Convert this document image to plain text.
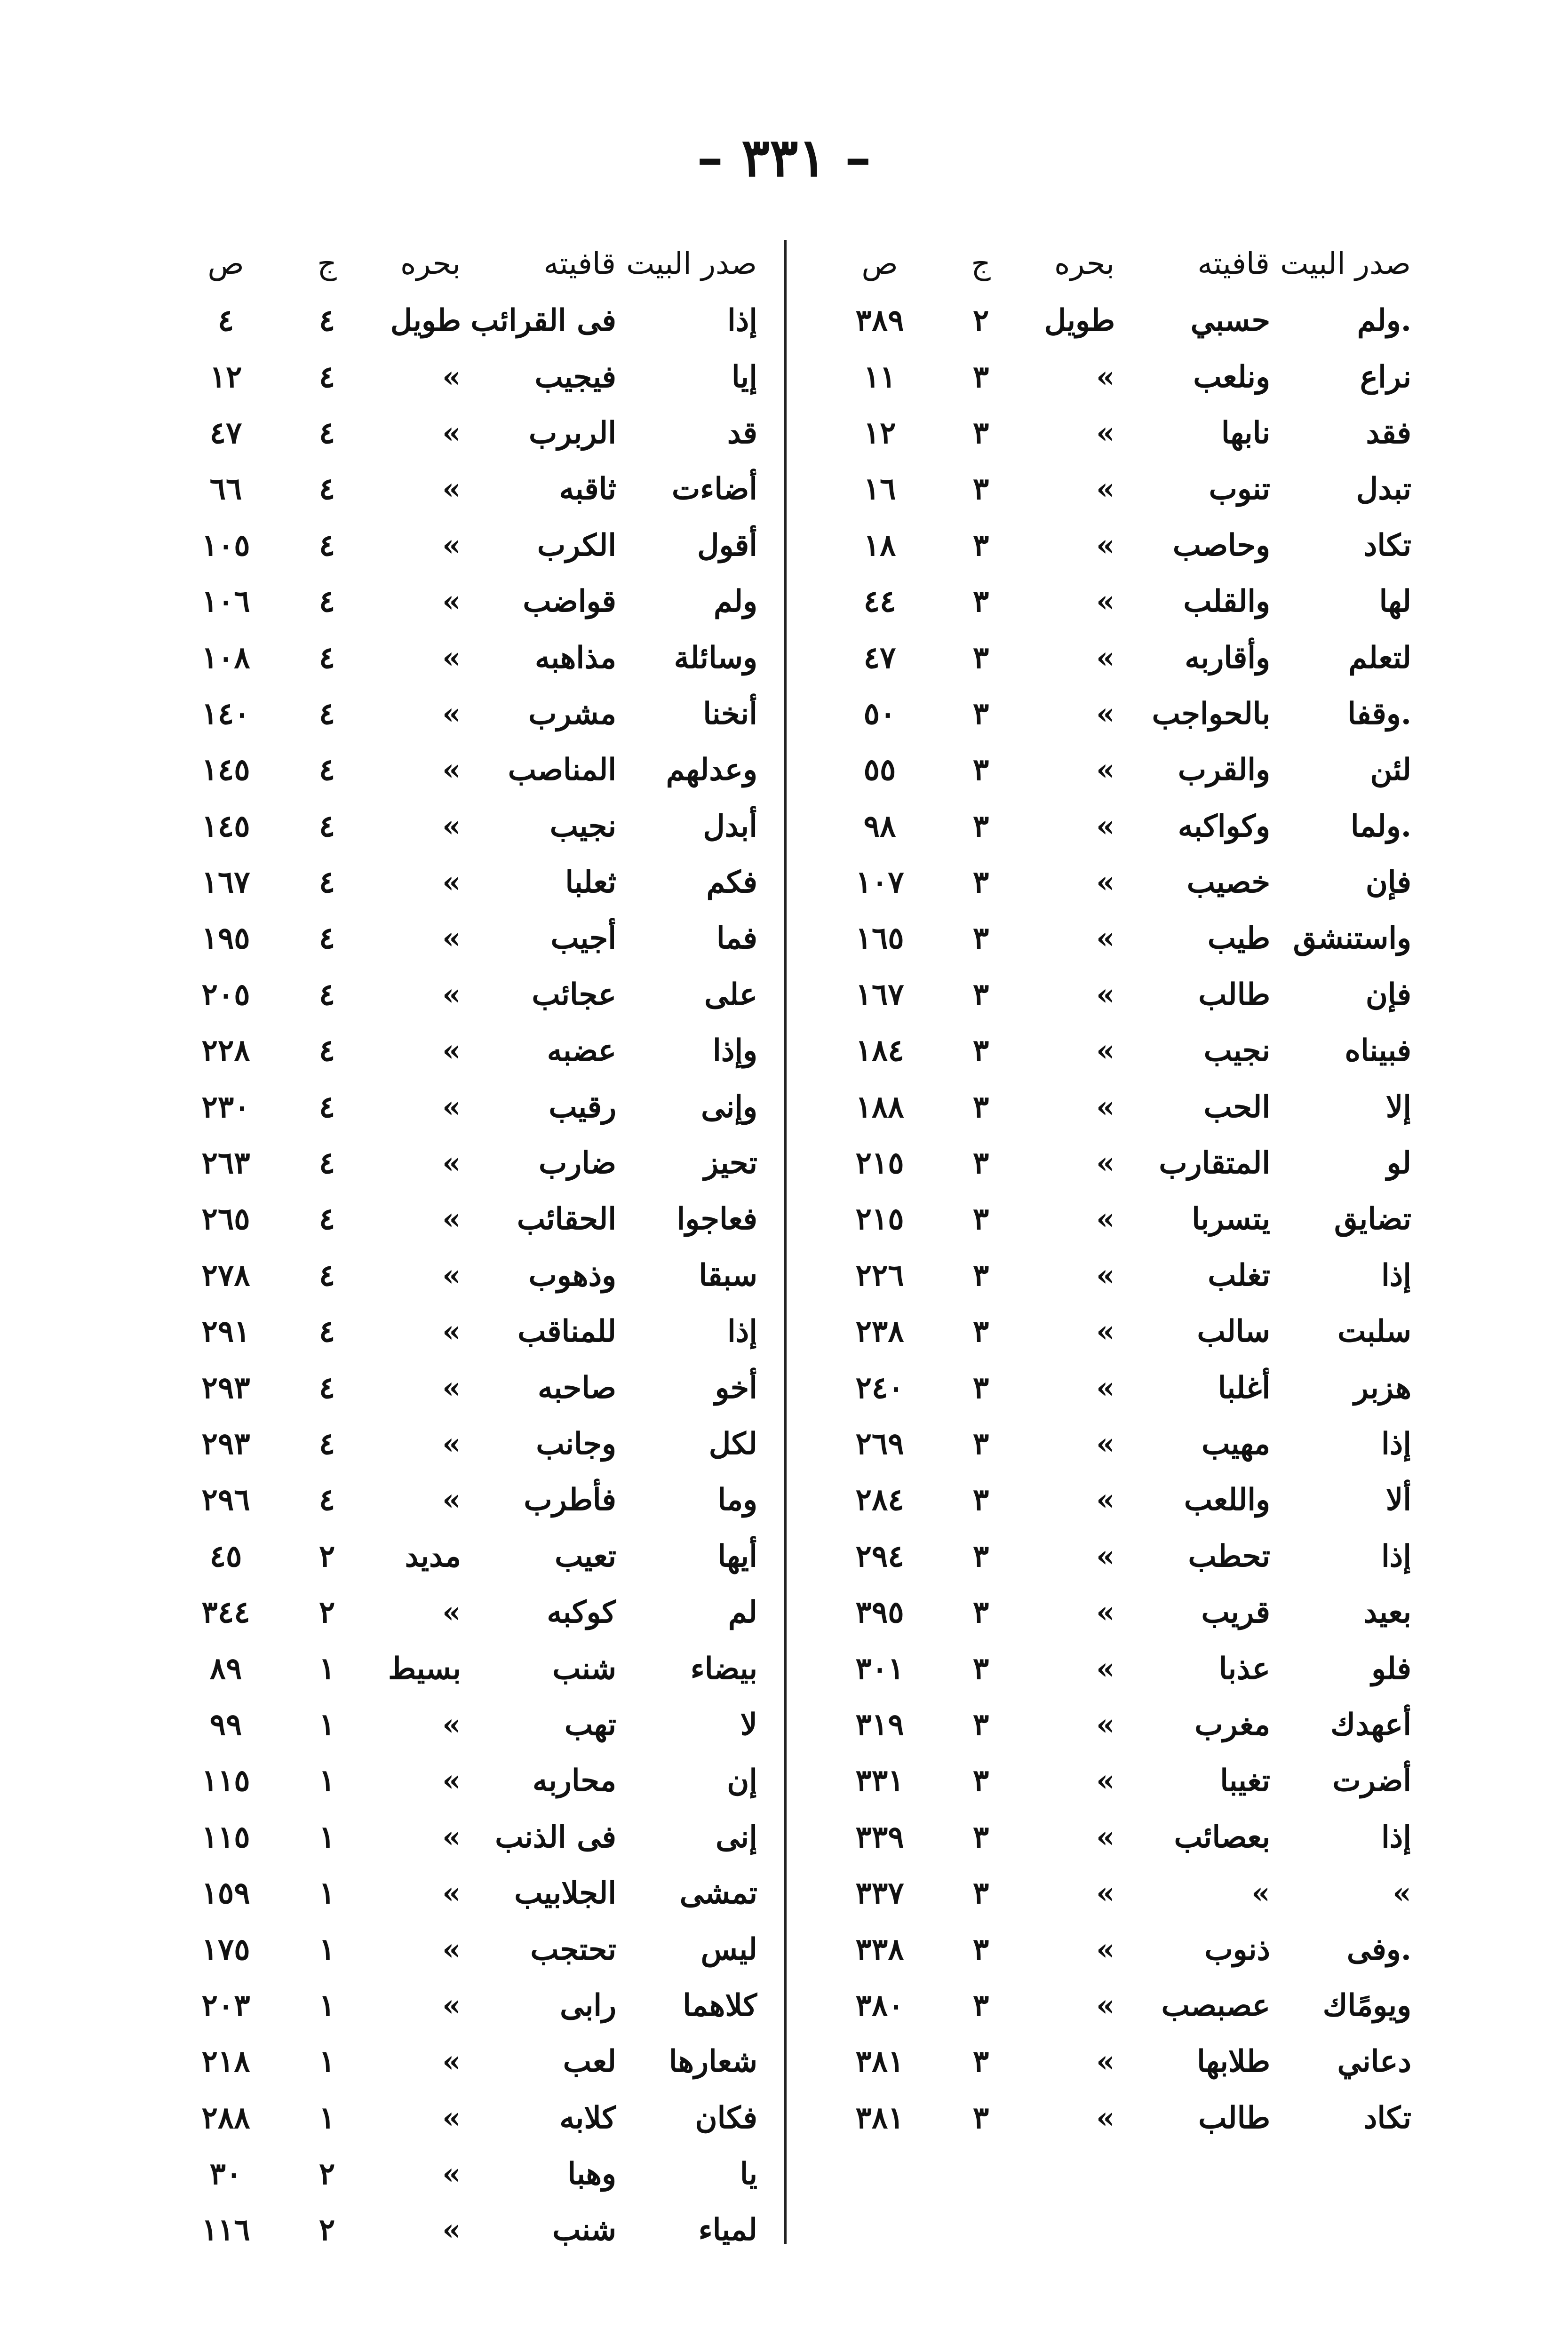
– ٣٣١ –
صدر البيت	قافيته	بحره	ج	ص
.ولم	حسبي	طويل	٢	٣٨٩
نراع	ونلعب	»	٣	١١
فقد	نابها	»	٣	١٢
تبدل	تنوب	»	٣	١٦
تكاد	وحاصب	»	٣	١٨
لها	والقلب	»	٣	٤٤
لتعلم	وأقاربه	»	٣	٤٧
.وقفا	بالحواجب	»	٣	٥٠
لئن	والقرب	»	٣	٥٥
.ولما	وكواكبه	»	٣	٩٨
فإن	خصيب	»	٣	١٠٧
واستنشق	طيب	»	٣	١٦٥
فإن	طالب	»	٣	١٦٧
فبيناه	نجيب	»	٣	١٨٤
إلا	الحب	»	٣	١٨٨
لو	المتقارب	»	٣	٢١٥
تضايق	يتسربا	»	٣	٢١٥
إذا	تغلب	»	٣	٢٢٦
سلبت	سالب	»	٣	٢٣٨
هزبر	أغلبا	»	٣	٢٤٠
إذا	مهيب	»	٣	٢٦٩
ألا	واللعب	»	٣	٢٨٤
إذا	تحطب	»	٣	٢٩٤
بعيد	قريب	»	٣	٣٩٥
فلو	عذبا	»	٣	٣٠١
أعهدك	مغرب	»	٣	٣١٩
أضرت	تغيبا	»	٣	٣٣١
إذا	بعصائب	»	٣	٣٣٩
»	»	»	٣	٣٣٧
.وفى	ذنوب	»	٣	٣٣٨
ويومًاك	عصبصب	»	٣	٣٨٠
دعاني	طلابها	»	٣	٣٨١
تكاد	طالب	»	٣	٣٨١
صدر البيت	قافيته	بحره	ج	ص
إذا	فى القرائب	طويل	٤	٤
إيا	فيجيب	»	٤	١٢
قد	الربرب	»	٤	٤٧
أضاءت	ثاقبه	»	٤	٦٦
أقول	الكرب	»	٤	١٠٥
ولم	قواضب	»	٤	١٠٦
وسائلة	مذاهبه	»	٤	١٠٨
أنخنا	مشرب	»	٤	١٤٠
وعدلهم	المناصب	»	٤	١٤٥
أبدل	نجيب	»	٤	١٤٥
فكم	ثعلبا	»	٤	١٦٧
فما	أجيب	»	٤	١٩٥
على	عجائب	»	٤	٢٠٥
وإذا	عضبه	»	٤	٢٢٨
وإنى	رقيب	»	٤	٢٣٠
تحيز	ضارب	»	٤	٢٦٣
فعاجوا	الحقائب	»	٤	٢٦٥
سبقا	وذهوب	»	٤	٢٧٨
إذا	للمناقب	»	٤	٢٩١
أخو	صاحبه	»	٤	٢٩٣
لكل	وجانب	»	٤	٢٩٣
وما	فأطرب	»	٤	٢٩٦
أيها	تعيب	مديد	٢	٤٥
لم	كوكبه	»	٢	٣٤٤
بيضاء	شنب	بسيط	١	٨٩
لا	تهب	»	١	٩٩
إن	محاربه	»	١	١١٥
إنى	فى الذنب	»	١	١١٥
تمشى	الجلابيب	»	١	١٥٩
ليس	تحتجب	»	١	١٧٥
كلاهما	رابى	»	١	٢٠٣
شعارها	لعب	»	١	٢١٨
فكان	كلابه	»	١	٢٨٨
يا	وهبا	»	٢	٣٠
لمياء	شنب	»	٢	١١٦
